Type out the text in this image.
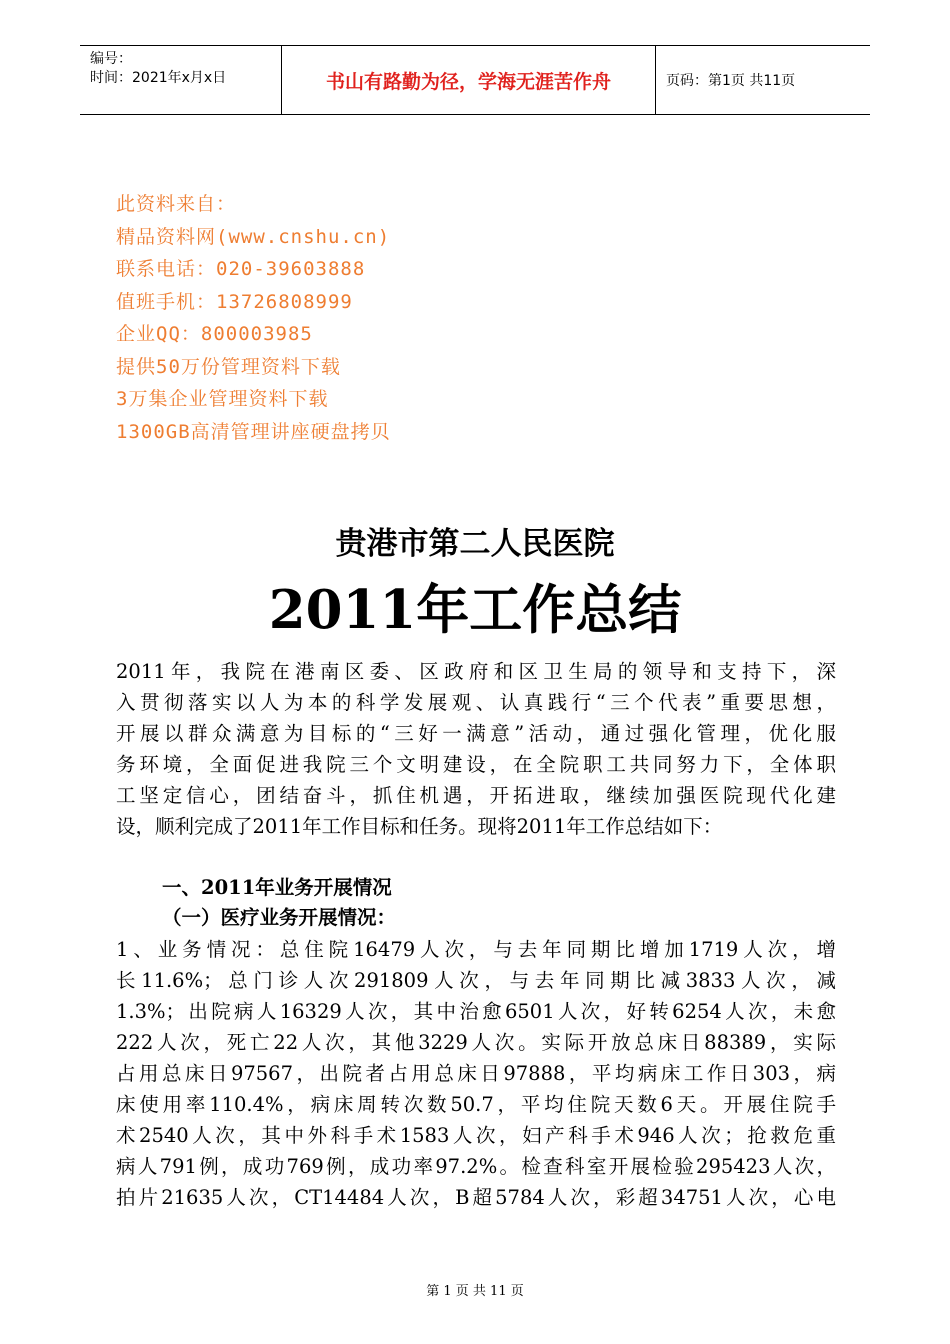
编号：
时间：2021年x月x日	书山有路勤为径，学海无涯苦作舟	页码：第1页 共11页
此资料来自：
精品资料网(www.cnshu.cn)
联系电话：020-39603888
值班手机：13726808999
企业QQ：800003985
提供50万份管理资料下载
3万集企业管理资料下载
1300GB高清管理讲座硬盘拷贝
贵港市第二人民医院
2011年工作总结
2011年，我院在港南区委、区政府和区卫生局的领导和支持下，深
入贯彻落实以人为本的科学发展观、认真践行“三个代表”重要思想，
开展以群众满意为目标的“三好一满意”活动，通过强化管理，优化服
务环境，全面促进我院三个文明建设，在全院职工共同努力下，全体职
工坚定信心，团结奋斗，抓住机遇，开拓进取，继续加强医院现代化建
设，顺利完成了2011年工作目标和任务。现将2011年工作总结如下：
一、2011年业务开展情况
（一）医疗业务开展情况：
1、业务情况：总住院16479人次，与去年同期比增加1719人次，增
长11.6%；总门诊人次291809人次，与去年同期比减3833人次，减
1.3%；出院病人16329人次，其中治愈6501人次，好转6254人次，未愈
222人次，死亡22人次，其他3229人次。实际开放总床日88389，实际
占用总床日97567，出院者占用总床日97888，平均病床工作日303，病
床使用率110.4%，病床周转次数50.7，平均住院天数6天。开展住院手
术2540人次，其中外科手术1583人次，妇产科手术946人次；抢救危重
病人791例，成功769例，成功率97.2%。检查科室开展检验295423人次，
拍片21635人次，CT14484人次，B超5784人次，彩超34751人次，心电
第 1 页 共 11 页
